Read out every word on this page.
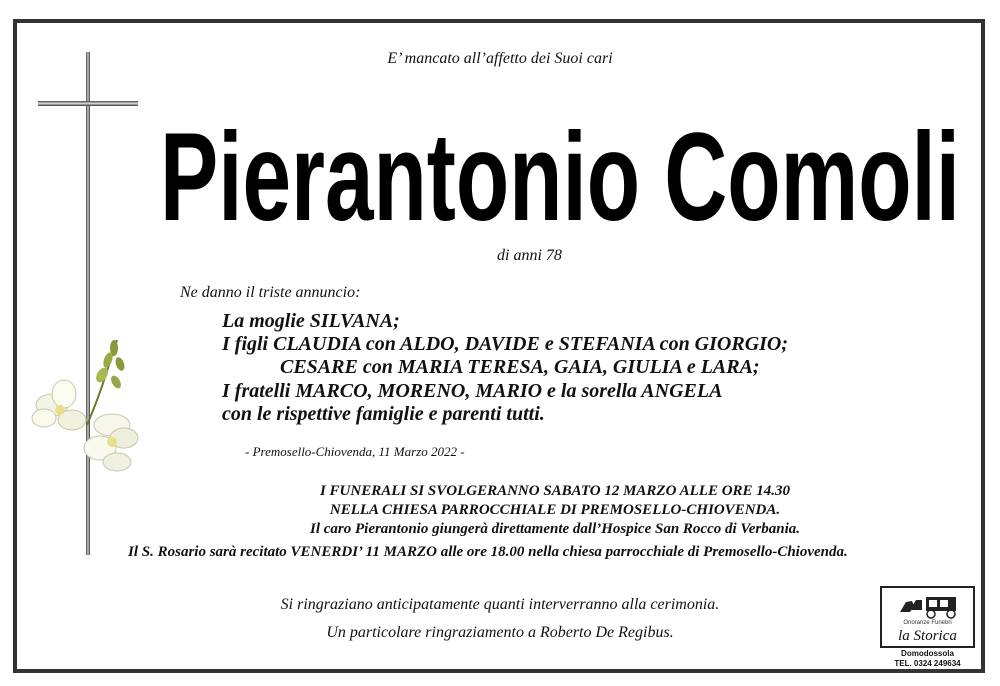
E’ mancato all’affetto dei Suoi cari
Pierantonio Comoli
di anni 78
Ne danno il triste annuncio:
La moglie SILVANA;
I figli CLAUDIA con ALDO, DAVIDE e STEFANIA con GIORGIO;
CESARE con MARIA TERESA, GAIA, GIULIA e LARA;
I fratelli MARCO, MORENO, MARIO e la sorella ANGELA
con le rispettive famiglie e parenti tutti.
- Premosello-Chiovenda, 11 Marzo 2022 -
I FUNERALI SI SVOLGERANNO SABATO 12 MARZO ALLE ORE 14.30
NELLA CHIESA PARROCCHIALE DI PREMOSELLO-CHIOVENDA.
Il caro Pierantonio giungerà direttamente dall’Hospice San Rocco di Verbania.
Il S. Rosario sarà recitato VENERDI’ 11 MARZO alle ore 18.00 nella chiesa parrocchiale di Premosello-Chiovenda.
Si ringraziano anticipatamente quanti interverranno alla cerimonia.
Un particolare ringraziamento a Roberto De Regibus.
Onoranze Funebri
la Storica
Domodossola
TEL. 0324 249634
